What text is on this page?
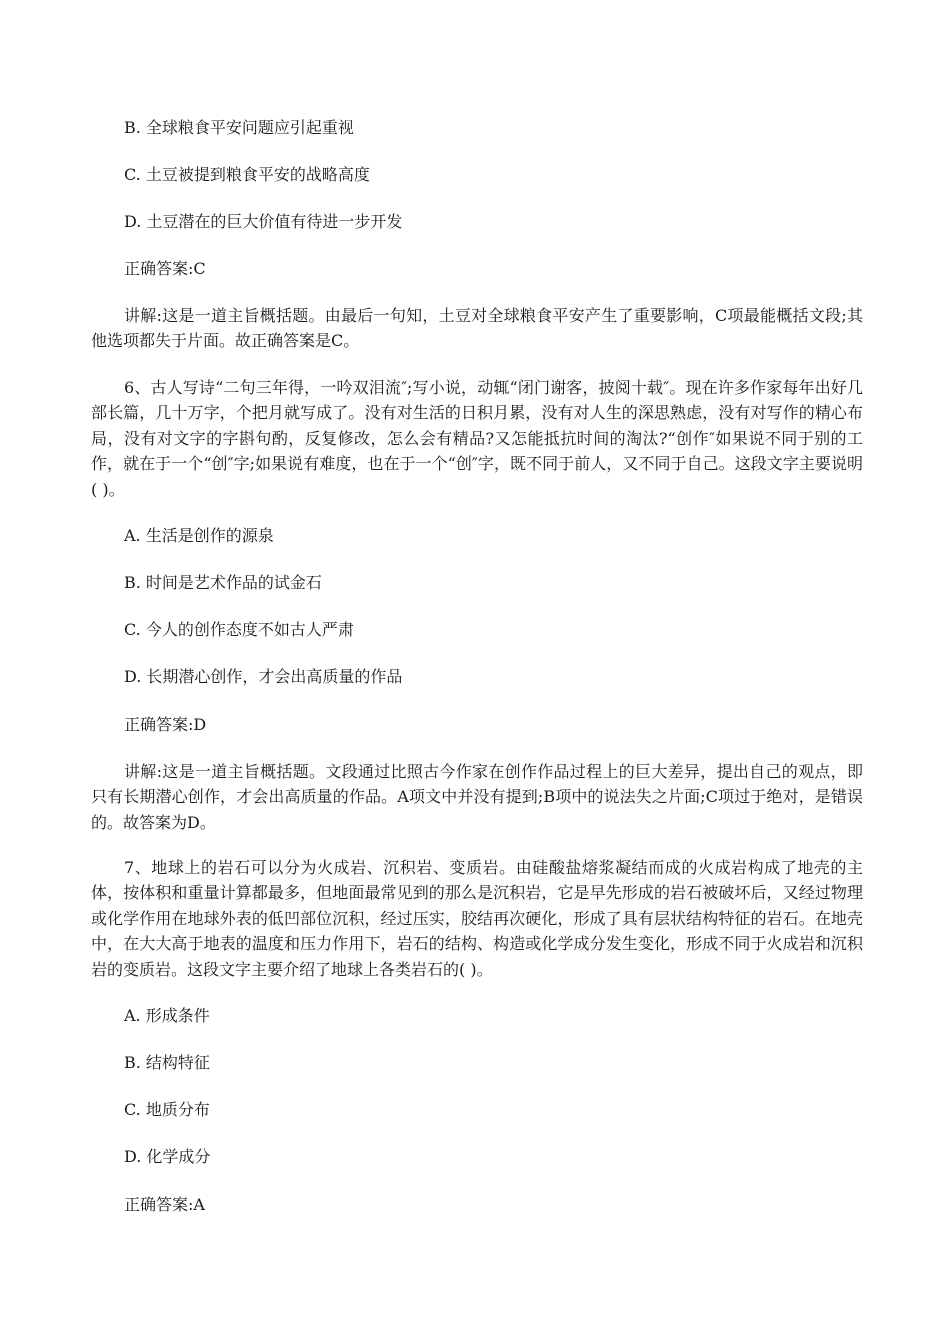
B. 全球粮食平安问题应引起重视
C. 土豆被提到粮食平安的战略高度
D. 土豆潜在的巨大价值有待进一步开发
正确答案:C
讲解:这是一道主旨概括题。由最后一句知，土豆对全球粮食平安产生了重要影响，C项最能概括文段;其他选项都失于片面。故正确答案是C。
6、古人写诗“二句三年得，一吟双泪流″;写小说，动辄“闭门谢客，披阅十载″。现在许多作家每年出好几部长篇，几十万字，个把月就写成了。没有对生活的日积月累，没有对人生的深思熟虑，没有对写作的精心布局，没有对文字的字斟句酌，反复修改，怎么会有精品?又怎能抵抗时间的淘汰?“创作″如果说不同于别的工作，就在于一个“创″字;如果说有难度，也在于一个“创″字，既不同于前人，又不同于自己。这段文字主要说明( )。
A. 生活是创作的源泉
B. 时间是艺术作品的试金石
C. 今人的创作态度不如古人严肃
D. 长期潜心创作，才会出高质量的作品
正确答案:D
讲解:这是一道主旨概括题。文段通过比照古今作家在创作作品过程上的巨大差异，提出自己的观点，即只有长期潜心创作，才会出高质量的作品。A项文中并没有提到;B项中的说法失之片面;C项过于绝对，是错误的。故答案为D。
7、地球上的岩石可以分为火成岩、沉积岩、变质岩。由硅酸盐熔浆凝结而成的火成岩构成了地壳的主体，按体积和重量计算都最多，但地面最常见到的那么是沉积岩，它是早先形成的岩石被破坏后，又经过物理或化学作用在地球外表的低凹部位沉积，经过压实，胶结再次硬化，形成了具有层状结构特征的岩石。在地壳中，在大大高于地表的温度和压力作用下，岩石的结构、构造或化学成分发生变化，形成不同于火成岩和沉积岩的变质岩。这段文字主要介绍了地球上各类岩石的( )。
A. 形成条件
B. 结构特征
C. 地质分布
D. 化学成分
正确答案:A
